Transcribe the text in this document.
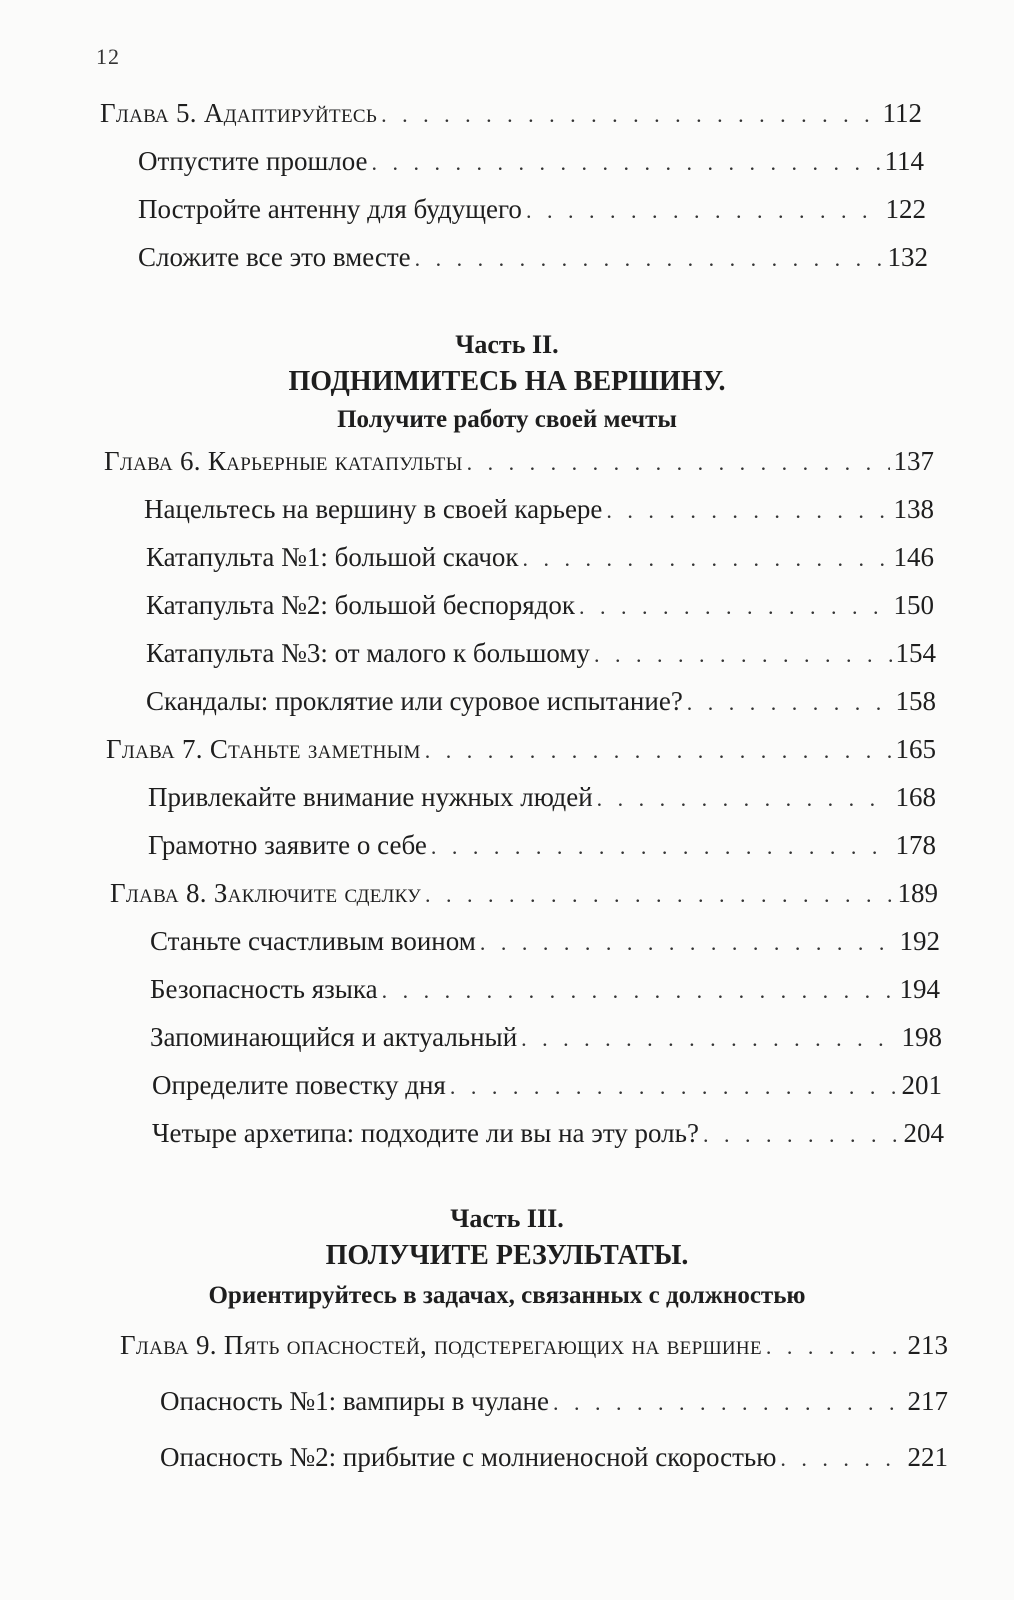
12
Глава 5. Адаптируйтесь . . .	112
Отпустите прошлое . . .	114
Постройте антенну для будущего . . .	122
Сложите все это вместе . . .	132
Часть II.
ПОДНИМИТЕСЬ НА ВЕРШИНУ.
Получите работу своей мечты
Глава 6. Карьерные катапульты . . .	137
Нацельтесь на вершину в своей карьере . . .	138
Катапульта №1: большой скачок . . .	146
Катапульта №2: большой беспорядок . . .	150
Катапульта №3: от малого к большому . . .	154
Скандалы: проклятие или суровое испытание? . . .	158
Глава 7. Станьте заметным . . .	165
Привлекайте внимание нужных людей . . .	168
Грамотно заявите о себе . . .	178
Глава 8. Заключите сделку . . .	189
Станьте счастливым воином . . .	192
Безопасность языка . . .	194
Запоминающийся и актуальный . . .	198
Определите повестку дня . . .	201
Четыре архетипа: подходите ли вы на эту роль? . . .	204
Часть III.
ПОЛУЧИТЕ РЕЗУЛЬТАТЫ.
Ориентируйтесь в задачах, связанных с должностью
Глава 9. Пять опасностей, подстерегающих на вершине . . .	213
Опасность №1: вампиры в чулане . . .	217
Опасность №2: прибытие с молниеносной скоростью . . .	221
